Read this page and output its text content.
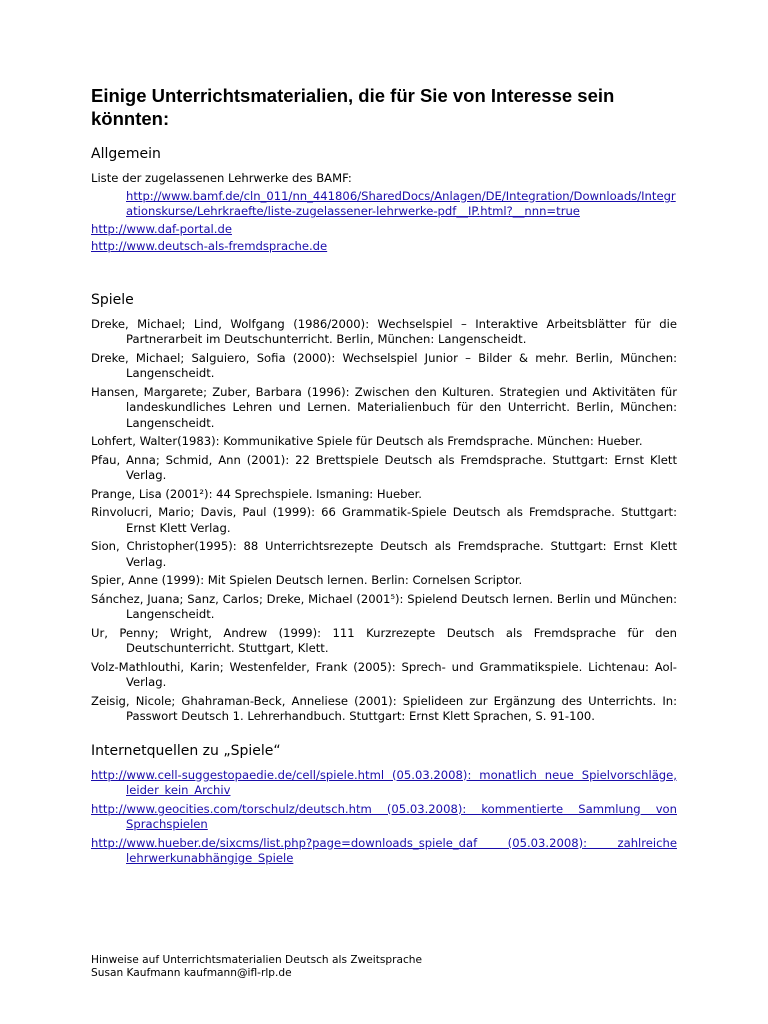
Einige Unterrichtsmaterialien, die für Sie von Interesse sein könnten:
Allgemein
Liste der zugelassenen Lehrwerke des BAMF:
http://www.bamf.de/cln_011/nn_441806/SharedDocs/Anlagen/DE/Integration/Downloads/Integrationskurse/Lehrkraefte/liste-zugelassener-lehrwerke-pdf__IP.html?__nnn=true
http://www.daf-portal.de
http://www.deutsch-als-fremdsprache.de
Spiele
Dreke, Michael; Lind, Wolfgang (1986/2000): Wechselspiel – Interaktive Arbeitsblätter für die Partnerarbeit im Deutschunterricht. Berlin, München: Langenscheidt.
Dreke, Michael; Salguiero, Sofia (2000): Wechselspiel Junior – Bilder & mehr. Berlin, München: Langenscheidt.
Hansen, Margarete; Zuber, Barbara (1996): Zwischen den Kulturen. Strategien und Aktivitäten für landeskundliches Lehren und Lernen. Materialienbuch für den Unterricht. Berlin, München: Langenscheidt.
Lohfert, Walter(1983): Kommunikative Spiele für Deutsch als Fremdsprache. München: Hueber.
Pfau, Anna; Schmid, Ann (2001): 22 Brettspiele Deutsch als Fremdsprache. Stuttgart: Ernst Klett Verlag.
Prange, Lisa (2001²): 44 Sprechspiele. Ismaning: Hueber.
Rinvolucri, Mario; Davis, Paul (1999): 66 Grammatik-Spiele Deutsch als Fremdsprache. Stuttgart: Ernst Klett Verlag.
Sion, Christopher(1995): 88 Unterrichtsrezepte Deutsch als Fremdsprache. Stuttgart: Ernst Klett Verlag.
Spier, Anne (1999): Mit Spielen Deutsch lernen. Berlin: Cornelsen Scriptor.
Sánchez, Juana; Sanz, Carlos; Dreke, Michael (2001⁵): Spielend Deutsch lernen. Berlin und München: Langenscheidt.
Ur, Penny; Wright, Andrew (1999): 111 Kurzrezepte Deutsch als Fremdsprache für den Deutschunterricht. Stuttgart, Klett.
Volz-Mathlouthi, Karin; Westenfelder, Frank (2005): Sprech- und Grammatikspiele. Lichtenau: Aol-Verlag.
Zeisig, Nicole; Ghahraman-Beck, Anneliese (2001): Spielideen zur Ergänzung des Unterrichts. In: Passwort Deutsch 1. Lehrerhandbuch. Stuttgart: Ernst Klett Sprachen, S. 91-100.
Internetquellen zu „Spiele“
http://www.cell-suggestopaedie.de/cell/spiele.html (05.03.2008): monatlich neue Spielvorschläge, leider kein Archiv
http://www.geocities.com/torschulz/deutsch.htm (05.03.2008): kommentierte Sammlung von Sprachspielen
http://www.hueber.de/sixcms/list.php?page=downloads_spiele_daf (05.03.2008): zahlreiche lehrwerkunabhängige Spiele
Hinweise auf Unterrichtsmaterialien Deutsch als Zweitsprache
Susan Kaufmann kaufmann@ifl-rlp.de
